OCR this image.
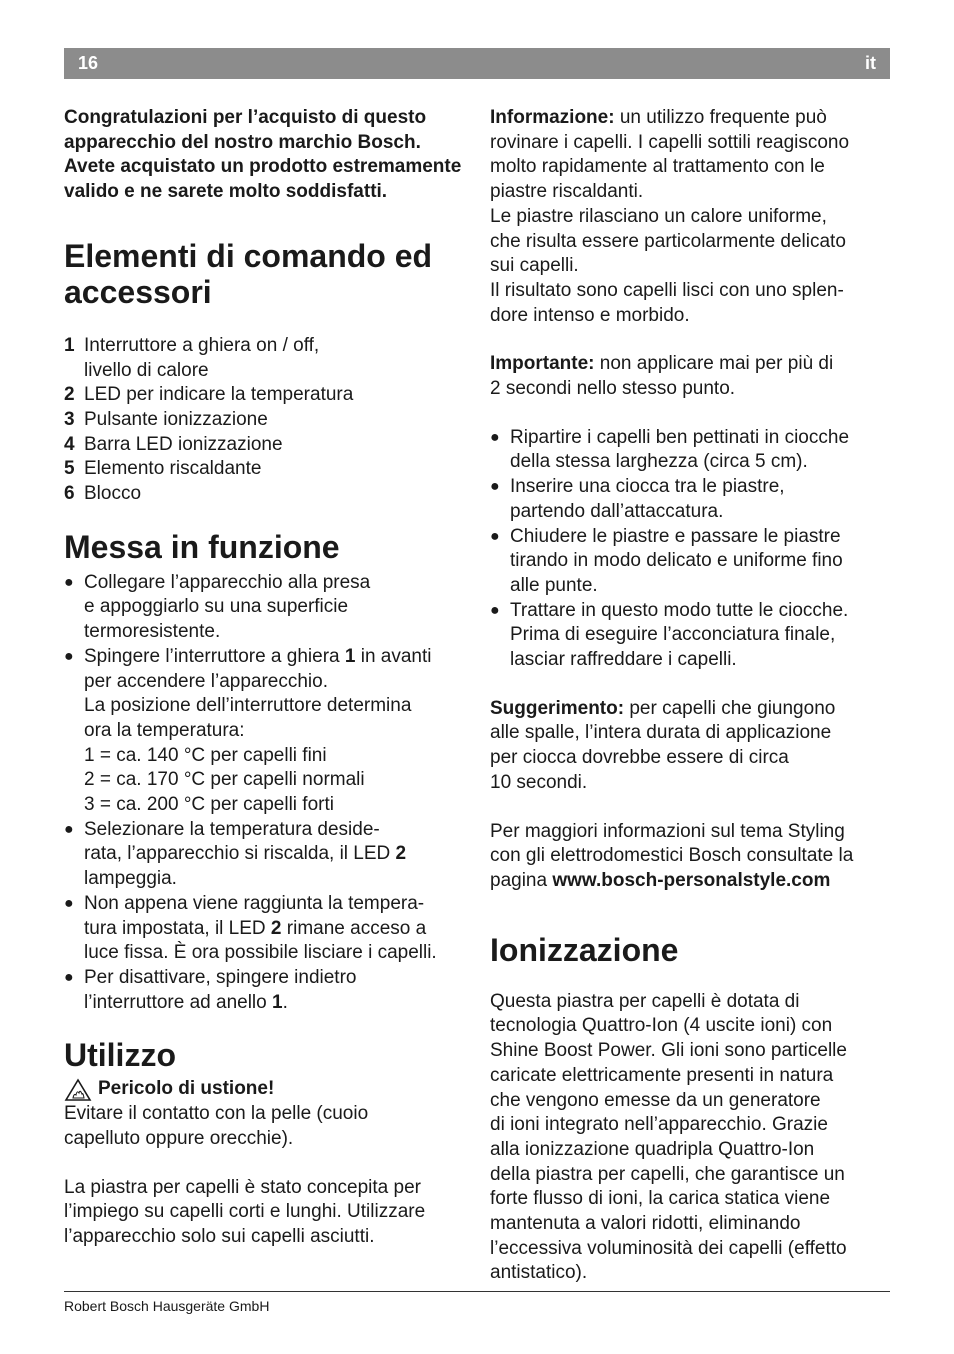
16	it

Congratulazioni per l’acquisto di questo apparecchio del nostro marchio Bosch. Avete acquistato un prodotto estremamente valido e ne sarete molto soddisfatti.

Elementi di comando ed
accessori
1 Interruttore a ghiera on / off,
livello di calore
2 LED per indicare la temperatura
3 Pulsante ionizzazione
4 Barra LED ionizzazione
5 Elemento riscaldante
6 Blocco
Messa in funzione
● Collegare l’apparecchio alla presa
e appoggiarlo su una superficie
termoresistente.
● Spingere l’interruttore a ghiera 1 in avanti
per accendere l’apparecchio.
La posizione dell’interruttore determina
ora la temperatura:
1 = ca. 140 °C per capelli fini
2 = ca. 170 °C per capelli normali
3 = ca. 200 °C per capelli forti
● Selezionare la temperatura deside-
rata, l’apparecchio si riscalda, il LED 2
lampeggia.
● Non appena viene raggiunta la tempera-
tura impostata, il LED 2 rimane acceso a
luce fissa. È ora possibile lisciare i capelli.
● Per disattivare, spingere indietro
l’interruttore ad anello 1.
Utilizzo
Pericolo di ustione!

Evitare il contatto con la pelle (cuoio
capelluto oppure orecchie).

La piastra per capelli è stato concepita per
l’impiego su capelli corti e lunghi. Utilizzare
l’apparecchio solo sui capelli asciutti.

Informazione: un utilizzo frequente può
rovinare i capelli. I capelli sottili reagiscono
molto rapidamente al trattamento con le
piastre riscaldanti.
Le piastre rilasciano un calore uniforme,
che risulta essere particolarmente delicato
sui capelli.
Il risultato sono capelli lisci con uno splen-
dore intenso e morbido.

Importante: non applicare mai per più di
2 secondi nello stesso punto.

● Ripartire i capelli ben pettinati in ciocche
della stessa larghezza (circa 5 cm).
● Inserire una ciocca tra le piastre,
partendo dall’attaccatura.
● Chiudere le piastre e passare le piastre
tirando in modo delicato e uniforme fino
alle punte.
● Trattare in questo modo tutte le ciocche.
Prima di eseguire l’acconciatura finale,
lasciar raffreddare i capelli.

Suggerimento: per capelli che giungono
alle spalle, l’intera durata di applicazione
per ciocca dovrebbe essere di circa
10 secondi.

Per maggiori informazioni sul tema Styling
con gli elettrodomestici Bosch consultate la
pagina www.bosch-personalstyle.com

Ionizzazione

Questa piastra per capelli è dotata di
tecnologia Quattro-Ion (4 uscite ioni) con
Shine Boost Power. Gli ioni sono particelle
caricate elettricamente presenti in natura
che vengono emesse da un generatore
di ioni integrato nell’apparecchio. Grazie
alla ionizzazione quadripla Quattro-Ion
della piastra per capelli, che garantisce un
forte flusso di ioni, la carica statica viene
mantenuta a valori ridotti, eliminando
l’eccessiva voluminosità dei capelli (effetto
antistatico).

Robert Bosch Hausgeräte GmbH
